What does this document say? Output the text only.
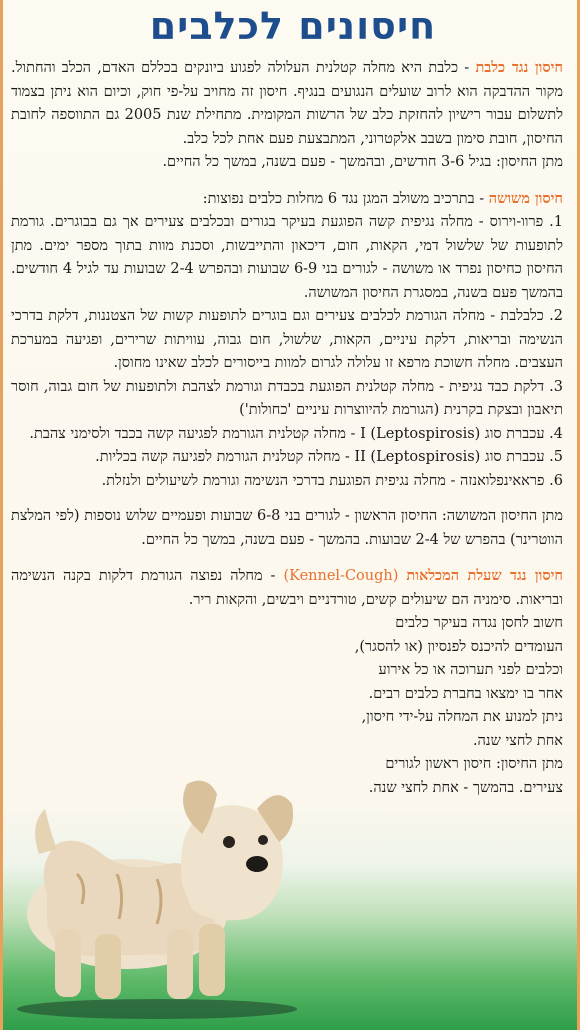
חיסונים לכלבים

חיסון נגד כלבת - כלבת היא מחלה קטלנית העלולה לפגוע ביונקים בכללם האדם, הכלב והחתול. מקור ההדבקה הוא לרוב שועלים הנגועים בנגיף. חיסון זה מחויב על-פי חוק, וכיום הוא ניתן בצמוד לתשלום עבור רישיון להחזקת כלב של הרשות המקומית. מתחילת שנת 2005 גם התווספה לחובת החיסון, חובת סימון בשבב אלקטרוני, המתבצעת פעם אחת לכל כלב.

מתן החיסון: בגיל 3-6 חודשים, ובהמשך - פעם בשנה, במשך כל החיים.

חיסון משושה - בתרכיב משולב המגן נגד 6 מחלות כלבים נפוצות:

1. פרוו-וירוס - מחלה נגיפית קשה הפוגעת בעיקר בגורים ובכלבים צעירים אך גם בבוגרים. גורמת לתופעות של שלשול דמי, הקאות, חום, דיכאון והתייבשות, וסכנת מוות בתוך מספר ימים. מתן החיסון כחיסון נפרד או משושה - לגורים בני 6-9 שבועות ובהפרש 2-4 שבועות עד לגיל 4 חודשים. בהמשך פעם בשנה, במסגרת החיסון המשושה.

2. כלבלבת - מחלה הגורמת לכלבים צעירים וגם בוגרים לתופעות קשות של הצטננות, דלקת בדרכי הנשימה ובריאות, דלקת עיניים, הקאות, שלשול, חום גבוה, עוויתות שרירים, ופגיעה במערכת העצבים. מחלה חשוכת מרפא זו עלולה לגרום למוות בייסורים לכלב שאינו מחוסן.

3. דלקת כבד נגיפית - מחלה קטלנית הפוגעת בכבדת וגורמת לצהבת ולתופעות של חום גבוה, חוסר תיאבון ובצקת בקרנית (הגורמת להיווצרות עיניים 'כחולות')

4. עכברת סוג I (Leptospirosis) - מחלה קטלנית הגורמת לפגיעה קשה בכבד ולסימני צהבת.

5. עכברת סוג II (Leptospirosis) - מחלה קטלנית הגורמת לפגיעה קשה בכליות.

6. פראאינפלואנזה - מחלה נגיפית הפוגעת בדרכי הנשימה וגורמת לשיעולים ולנזלת.

מתן החיסון המשושה: החיסון הראשון - לגורים בני 6-8 שבועות ופעמיים שלוש נוספות (לפי המלצת הווטרינר) בהפרש של 2-4 שבועות. בהמשך - פעם בשנה, במשך כל החיים.

חיסון נגד שעלת המכלאות (Kennel-Cough) - מחלה נפוצה הגורמת דלקות בקנה הנשימה ובריאות. סימניה הם שיעולים קשים, טורדניים ויבשים, והקאות ריר.

חשוב לחסן נגדה בעיקר כלבים

העומדים להיכנס לפנסיון (או להסגר),

וכלבים לפני תערוכה או כל אירוע

אחר בו ימצאו בחברת כלבים רבים.

ניתן למנוע את המחלה על-ידי חיסון,

אחת לחצי שנה.

מתן החיסון: חיסון ראשון לגורים

צעירים. בהמשך - אחת לחצי שנה.
